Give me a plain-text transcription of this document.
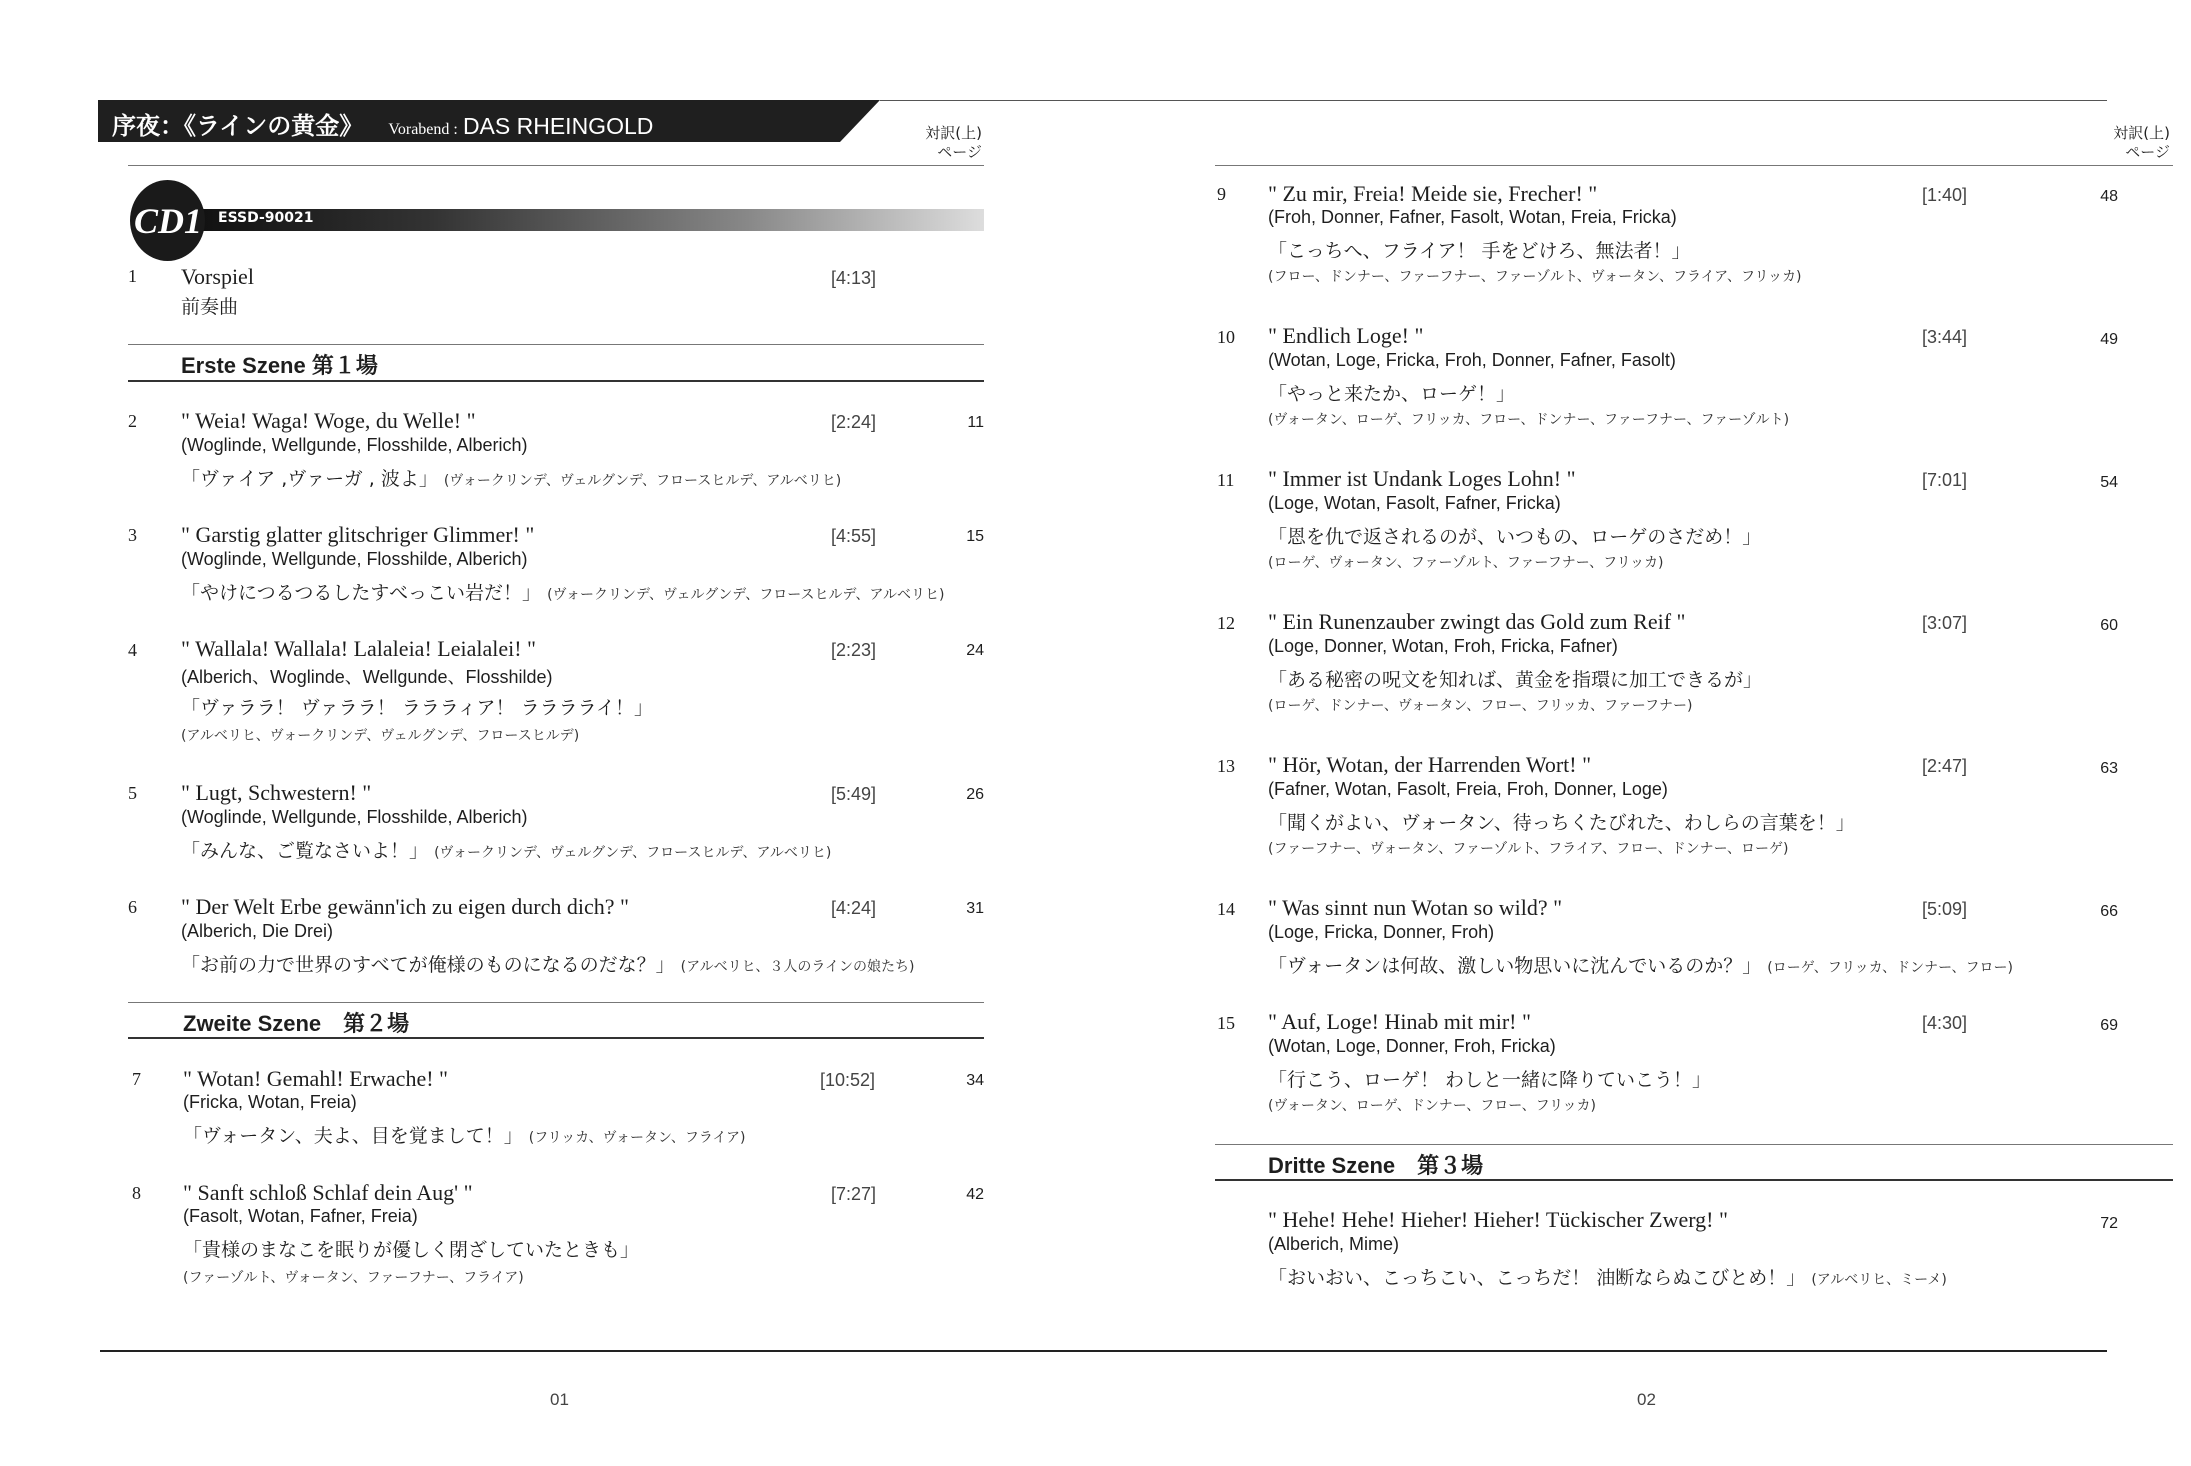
序夜：《ラインの黄金》 Vorabend : DAS RHEINGOLD	対訳(上)
ページ
CD1 ESSD-90021
1 Vorspiel	[4:13]
前奏曲
Erste Szene 第１場
2 " Weia! Waga! Woge, du Welle! "	[2:24]	11
(Woglinde, Wellgunde, Flosshilde, Alberich)
「ヴァイア ,ヴァーガ , 波よ」 (ヴォークリンデ、ヴェルグンデ、フロースヒルデ、アルベリヒ)
3 " Garstig glatter glitschriger Glimmer! "	[4:55]	15
(Woglinde, Wellgunde, Flosshilde, Alberich)
「やけにつるつるしたすべっこい岩だ！」 (ヴォークリンデ、ヴェルグンデ、フロースヒルデ、アルベリヒ)
4 " Wallala! Wallala! Lalaleia! Leialalei! "	[2:23]	24
(Alberich、Woglinde、Wellgunde、Flosshilde)
「ヴァララ！ ヴァララ！ ラララィア！ ラララライ！」
(アルベリヒ、ヴォークリンデ、ヴェルグンデ、フロースヒルデ)
5 " Lugt, Schwestern! "	[5:49]	26
(Woglinde, Wellgunde, Flosshilde, Alberich)
「みんな、ご覧なさいよ！」 (ヴォークリンデ、ヴェルグンデ、フロースヒルデ、アルベリヒ)
6 " Der Welt Erbe gewänn'ich zu eigen durch dich? "	[4:24]	31
(Alberich, Die Drei)
「お前の力で世界のすべてが俺様のものになるのだな？」 (アルベリヒ、３人のラインの娘たち)
Zweite Szene　第２場
7 " Wotan! Gemahl! Erwache! "	[10:52]	34
(Fricka, Wotan, Freia)
「ヴォータン、夫よ、目を覚まして！」 (フリッカ、ヴォータン、フライア)
8 " Sanft schloß Schlaf dein Aug' "	[7:27]	42
(Fasolt, Wotan, Fafner, Freia)
「貴様のまなこを眠りが優しく閉ざしていたときも」
(ファーゾルト、ヴォータン、ファーフナー、フライア)
01
対訳(上)
ページ
9 " Zu mir, Freia! Meide sie, Frecher! "	[1:40]	48
(Froh, Donner, Fafner, Fasolt, Wotan, Freia, Fricka)
「こっちへ、フライア！ 手をどけろ、無法者！」
(フロー、ドンナー、ファーフナー、ファーゾルト、ヴォータン、フライア、フリッカ)
10 " Endlich Loge! "	[3:44]	49
(Wotan, Loge, Fricka, Froh, Donner, Fafner, Fasolt)
「やっと来たか、ローゲ！」
(ヴォータン、ローゲ、フリッカ、フロー、ドンナー、ファーフナー、ファーゾルト)
11 " Immer ist Undank Loges Lohn! "	[7:01]	54
(Loge, Wotan, Fasolt, Fafner, Fricka)
「恩を仇で返されるのが、いつもの、ローゲのさだめ！」
(ローゲ、ヴォータン、ファーゾルト、ファーフナー、フリッカ)
12 " Ein Runenzauber zwingt das Gold zum Reif "	[3:07]	60
(Loge, Donner, Wotan, Froh, Fricka, Fafner)
「ある秘密の呪文を知れば、黄金を指環に加工できるが」
(ローゲ、ドンナー、ヴォータン、フロー、フリッカ、ファーフナー)
13 " Hör, Wotan, der Harrenden Wort! "	[2:47]	63
(Fafner, Wotan, Fasolt, Freia, Froh, Donner, Loge)
「聞くがよい、ヴォータン、待っちくたびれた、わしらの言葉を！」
(ファーフナー、ヴォータン、ファーゾルト、フライア、フロー、ドンナー、ローゲ)
14 " Was sinnt nun Wotan so wild? "	[5:09]	66
(Loge, Fricka, Donner, Froh)
「ヴォータンは何故、激しい物思いに沈んでいるのか？」 (ローゲ、フリッカ、ドンナー、フロー)
15 " Auf, Loge! Hinab mit mir! "	[4:30]	69
(Wotan, Loge, Donner, Froh, Fricka)
「行こう、ローゲ！ わしと一緒に降りていこう！」
(ヴォータン、ローゲ、ドンナー、フロー、フリッカ)
Dritte Szene　第３場
" Hehe! Hehe! Hieher! Hieher! Tückischer Zwerg! "	72
(Alberich, Mime)
「おいおい、こっちこい、こっちだ！ 油断ならぬこびとめ！」 (アルベリヒ、ミーメ)
02
